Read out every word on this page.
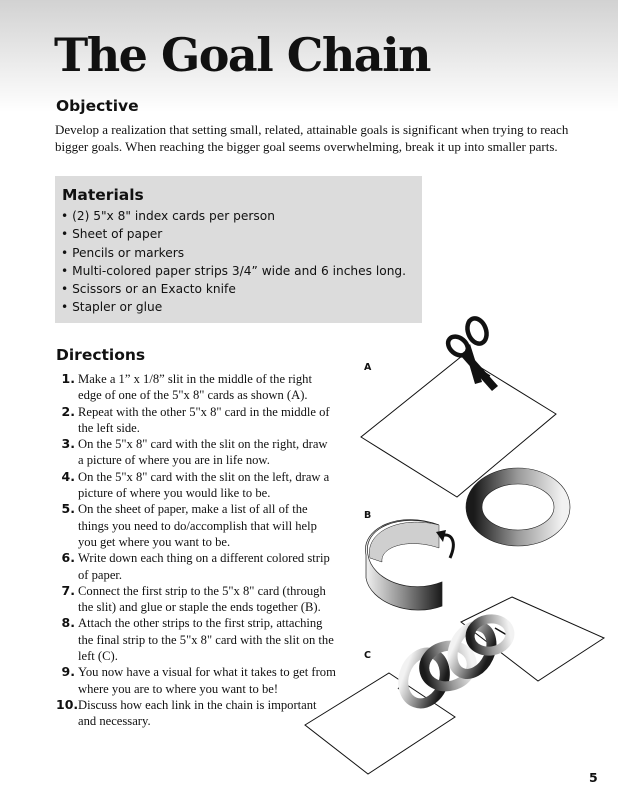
The Goal Chain
Objective

Develop a realization that setting small, related, attainable goals is significant when trying to reach bigger goals. When reaching the bigger goal seems overwhelming, break it up into smaller parts.

Materials
• (2) 5"x 8" index cards per person
• Sheet of paper
• Pencils or markers
• Multi-colored paper strips 3/4” wide and 6 inches long.
• Scissors or an Exacto knife
• Stapler or glue
Directions
1. Make a 1” x 1/8” slit in the middle of the right edge of one of the 5"x 8" cards as shown (A).
2. Repeat with the other 5"x 8" card in the middle of the left side.
3. On the 5"x 8" card with the slit on the right, draw a picture of where you are in life now.
4. On the 5"x 8" card with the slit on the left, draw a picture of where you would like to be.
5. On the sheet of paper, make a list of all of the things you need to do/accomplish that will help you get where you want to be.
6. Write down each thing on a different colored strip of paper.
7. Connect the first strip to the 5"x 8" card (through the slit) and glue or staple the ends together (B).
8. Attach the other strips to the first strip, attaching the final strip to the 5"x 8" card with the slit on the left (C).
9. You now have a visual for what it takes to get from where you are to where you want to be!
10. Discuss how each link in the chain is important and necessary.
A
B
C
5
